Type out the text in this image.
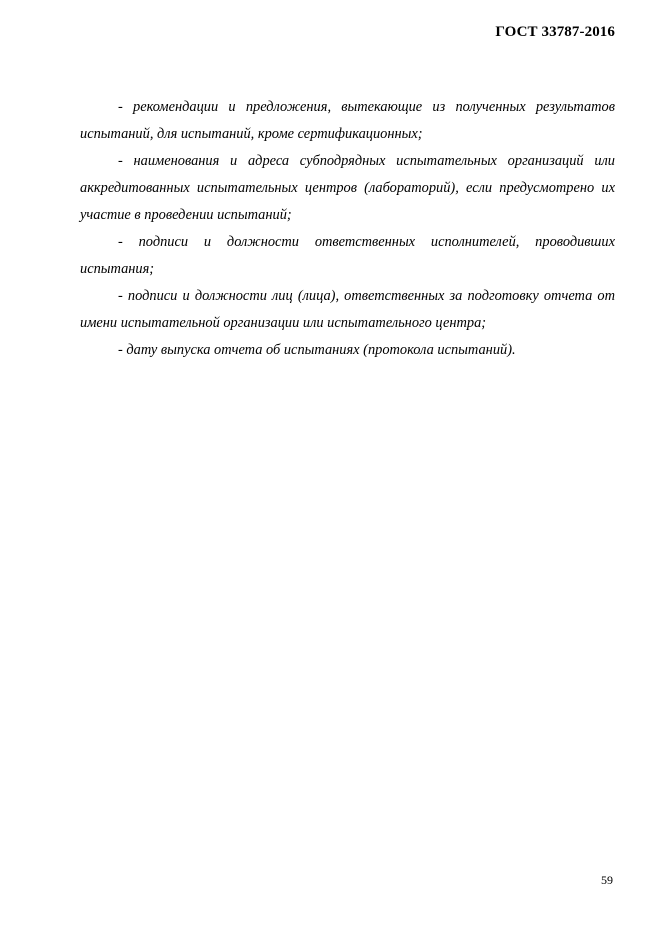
ГОСТ 33787-2016

- рекомендации и предложения, вытекающие из полученных результатов испытаний, для испытаний, кроме сертификационных;

- наименования и адреса субподрядных испытательных организаций или аккредитованных испытательных центров (лабораторий), если предусмотрено их участие в проведении испытаний;

- подписи и должности ответственных исполнителей, проводивших испытания;

- подписи и должности лиц (лица), ответственных за подготовку отчета от имени испытательной организации или испытательного центра;

- дату выпуска отчета об испытаниях (протокола испытаний).

59
